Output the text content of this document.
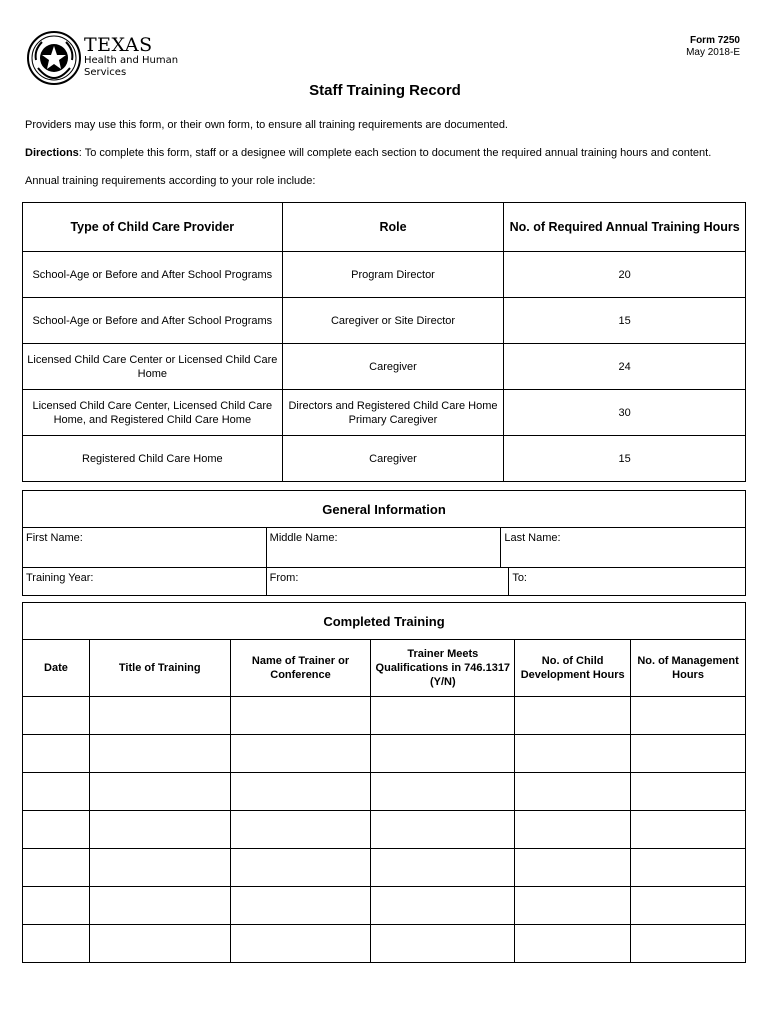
TEXAS
Health and Human
Services
Form 7250
May 2018-E
Staff Training Record
Providers may use this form, or their own form, to ensure all training requirements are documented.
Directions: To complete this form, staff or a designee will complete each section to document the required annual training hours and content.
Annual training requirements according to your role include:
Type of Child Care Provider	Role	No. of Required Annual Training Hours
School-Age or Before and After School Programs	Program Director	20
School-Age or Before and After School Programs	Caregiver or Site Director	15
Licensed Child Care Center or Licensed Child Care Home	Caregiver	24
Licensed Child Care Center, Licensed Child Care Home, and Registered Child Care Home	Directors and Registered Child Care Home Primary Caregiver	30
Registered Child Care Home	Caregiver	15
General Information			
First Name:	Middle Name:	Last Name:	
Training Year:	From:		To:
Completed Training					
Date	Title of Training	Name of Trainer or Conference	Trainer Meets Qualifications in 746.1317 (Y/N)	No. of Child Development Hours	No. of Management Hours
